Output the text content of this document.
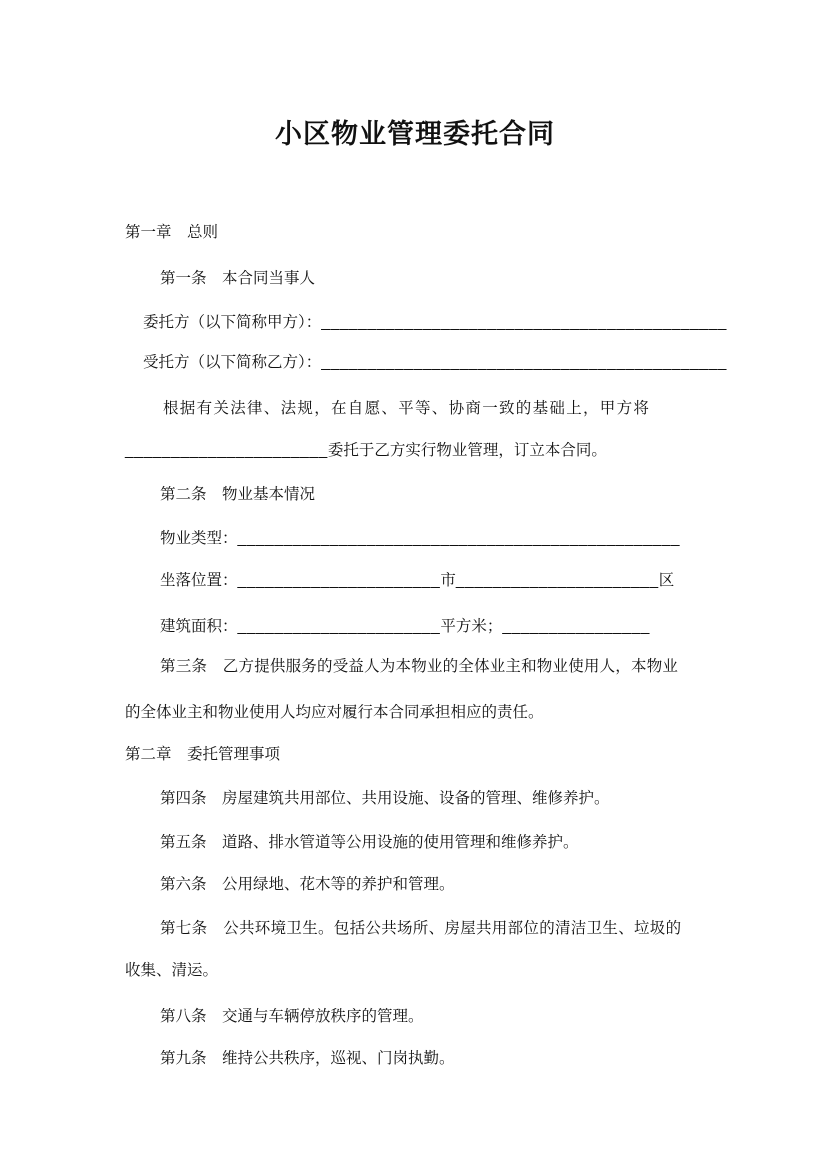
小区物业管理委托合同
第一章　总则
第一条　本合同当事人
委托方（以下简称甲方）：____________________________________________
受托方（以下简称乙方）：____________________________________________
根据有关法律、法规，在自愿、平等、协商一致的基础上，甲方将
______________________委托于乙方实行物业管理，订立本合同。
第二条　物业基本情况
物业类型：________________________________________________
坐落位置：______________________市______________________区
建筑面积：______________________平方米；________________
第三条　乙方提供服务的受益人为本物业的全体业主和物业使用人，本物业
的全体业主和物业使用人均应对履行本合同承担相应的责任。
第二章　委托管理事项
第四条　房屋建筑共用部位、共用设施、设备的管理、维修养护。
第五条　道路、排水管道等公用设施的使用管理和维修养护。
第六条　公用绿地、花木等的养护和管理。
第七条　公共环境卫生。包括公共场所、房屋共用部位的清洁卫生、垃圾的
收集、清运。
第八条　交通与车辆停放秩序的管理。
第九条　维持公共秩序，巡视、门岗执勤。
